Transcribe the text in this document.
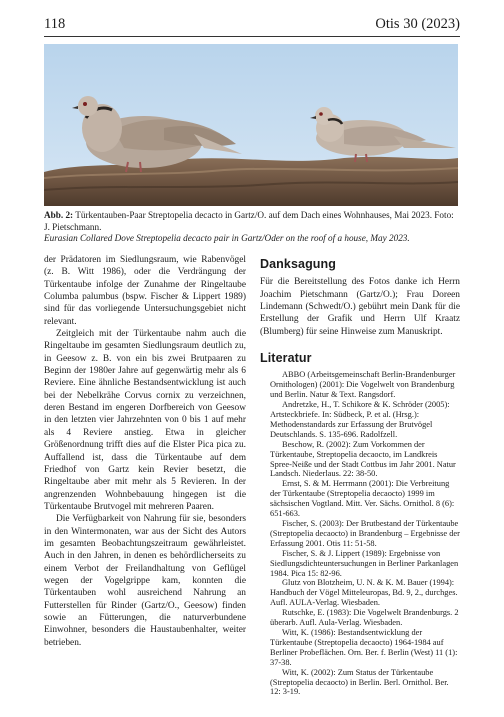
118	Otis 30 (2023)
Abb. 2: Türkentauben-Paar Streptopelia decacto in Gartz/O. auf dem Dach eines Wohnhauses, Mai 2023. Foto: J. Pietschmann.
Eurasian Collared Dove Streptopelia decacto pair in Gartz/Oder on the roof of a house, May 2023.

der Prädatoren im Siedlungsraum, wie Rabenvögel (z. B. Witt 1986), oder die Verdrängung der Türkentaube infolge der Zunahme der Ringeltaube Columba palumbus (bspw. Fischer & Lippert 1989) sind für das vorliegende Untersuchungsgebiet nicht relevant.

Zeitgleich mit der Türkentaube nahm auch die Ringeltaube im gesamten Siedlungsraum deutlich zu, in Geesow z. B. von ein bis zwei Brutpaaren zu Beginn der 1980er Jahre auf gegenwärtig mehr als 6 Reviere. Eine ähnliche Bestandsentwicklung ist auch bei der Nebelkrähe Corvus cornix zu verzeichnen, deren Bestand im engeren Dorfbereich von Geesow in den letzten vier Jahrzehnten von 0 bis 1 auf mehr als 4 Reviere anstieg. Etwa in gleicher Größenordnung trifft dies auf die Elster Pica pica zu. Auffallend ist, dass die Türkentaube auf dem Friedhof von Gartz kein Revier besetzt, die Ringeltaube aber mit mehr als 5 Revieren. In der angrenzenden Wohnbebauung hingegen ist die Türkentaube Brutvogel mit mehreren Paaren.

Die Verfügbarkeit von Nahrung für sie, besonders in den Wintermonaten, war aus der Sicht des Autors im gesamten Beobachtungszeitraum gewährleistet. Auch in den Jahren, in denen es behördlicherseits zu einem Verbot der Freilandhaltung von Geflügel wegen der Vogelgrippe kam, konnten die Türkentauben wohl ausreichend Nahrung an Futterstellen für Rinder (Gartz/O., Geesow) finden sowie an Fütterungen, die naturverbundene Einwohner, besonders die Haustaubenhalter, weiter betrieben.

Danksagung

Für die Bereitstellung des Fotos danke ich Herrn Joachim Pietschmann (Gartz/O.); Frau Doreen Lindemann (Schwedt/O.) gebührt mein Dank für die Erstellung der Grafik und Herrn Ulf Kraatz (Blumberg) für seine Hinweise zum Manuskript.

Literatur

ABBO (Arbeitsgemeinschaft Berlin-Brandenburger Ornithologen) (2001): Die Vogelwelt von Brandenburg und Berlin. Natur & Text. Rangsdorf.

Andretzke, H., T. Schikore & K. Schröder (2005): Artsteckbriefe. In: Südbeck, P. et al. (Hrsg.): Methodenstandards zur Erfassung der Brutvögel Deutschlands. S. 135-696. Radolfzell.

Beschow, R. (2002): Zum Vorkommen der Türkentaube, Streptopelia decaocto, im Landkreis Spree-Neiße und der Stadt Cottbus im Jahr 2001. Natur Landsch. Niederlaus. 22: 38-50.

Ernst, S. & M. Herrmann (2001): Die Verbreitung der Türkentaube (Streptopelia decaocto) 1999 im sächsischen Vogtland. Mitt. Ver. Sächs. Ornithol. 8 (6): 651-663.

Fischer, S. (2003): Der Brutbestand der Türkentaube (Streptopelia decaocto) in Brandenburg – Ergebnisse der Erfassung 2001. Otis 11: 51-58.

Fischer, S. & J. Lippert (1989): Ergebnisse von Siedlungsdichteuntersuchungen in Berliner Parkanlagen 1984. Pica 15: 82-96.

Glutz von Blotzheim, U. N. & K. M. Bauer (1994): Handbuch der Vögel Mitteleuropas, Bd. 9, 2., durchges. Aufl. AULA-Verlag. Wiesbaden.

Rutschke, E. (1983): Die Vogelwelt Brandenburgs. 2 überarb. Aufl. Aula-Verlag. Wiesbaden.

Witt, K. (1986): Bestandsentwicklung der Türkentaube (Streptopelia decaocto) 1964-1984 auf Berliner Probeflächen. Orn. Ber. f. Berlin (West) 11 (1): 37-38.

Witt, K. (2002): Zum Status der Türkentaube (Streptopelia decaocto) in Berlin. Berl. Ornithol. Ber. 12: 3-19.
